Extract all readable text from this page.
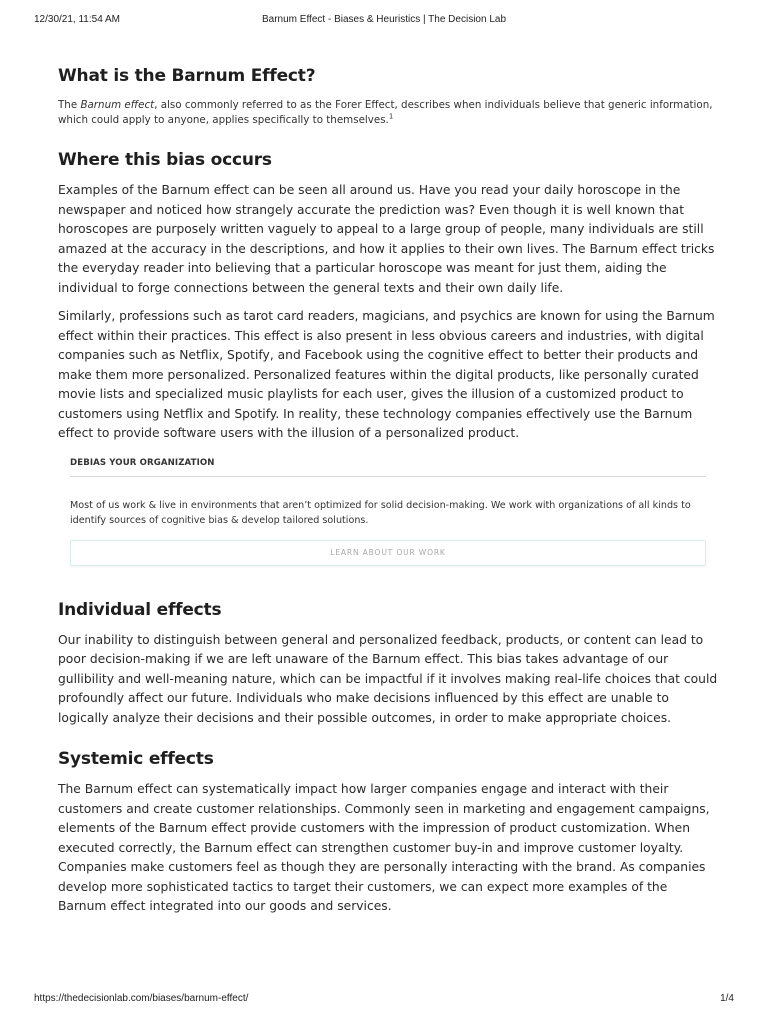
12/30/21, 11:54 AM	Barnum Effect - Biases & Heuristics | The Decision Lab
What is the Barnum Effect?

The Barnum effect, also commonly referred to as the Forer Effect, describes when individuals believe that generic information, which could apply to anyone, applies specifically to themselves.$^1$

Where this bias occurs

Examples of the Barnum effect can be seen all around us. Have you read your daily horoscope in the newspaper and noticed how strangely accurate the prediction was? Even though it is well known that horoscopes are purposely written vaguely to appeal to a large group of people, many individuals are still amazed at the accuracy in the descriptions, and how it applies to their own lives. The Barnum effect tricks the everyday reader into believing that a particular horoscope was meant for just them, aiding the individual to forge connections between the general texts and their own daily life.

Similarly, professions such as tarot card readers, magicians, and psychics are known for using the Barnum effect within their practices. This effect is also present in less obvious careers and industries, with digital companies such as Netflix, Spotify, and Facebook using the cognitive effect to better their products and make them more personalized. Personalized features within the digital products, like personally curated movie lists and specialized music playlists for each user, gives the illusion of a customized product to customers using Netflix and Spotify. In reality, these technology companies effectively use the Barnum effect to provide software users with the illusion of a personalized product.

DEBIAS YOUR ORGANIZATION
Most of us work & live in environments that aren’t optimized for solid decision-making. We work with organizations of all kinds to identify sources of cognitive bias & develop tailored solutions.
LEARN ABOUT OUR WORK
Individual effects

Our inability to distinguish between general and personalized feedback, products, or content can lead to poor decision-making if we are left unaware of the Barnum effect. This bias takes advantage of our gullibility and well-meaning nature, which can be impactful if it involves making real-life choices that could profoundly affect our future. Individuals who make decisions influenced by this effect are unable to logically analyze their decisions and their possible outcomes, in order to make appropriate choices.

Systemic effects

The Barnum effect can systematically impact how larger companies engage and interact with their customers and create customer relationships. Commonly seen in marketing and engagement campaigns, elements of the Barnum effect provide customers with the impression of product customization. When executed correctly, the Barnum effect can strengthen customer buy-in and improve customer loyalty. Companies make customers feel as though they are personally interacting with the brand. As companies develop more sophisticated tactics to target their customers, we can expect more examples of the Barnum effect integrated into our goods and services.

https://thedecisionlab.com/biases/barnum-effect/	1/4
